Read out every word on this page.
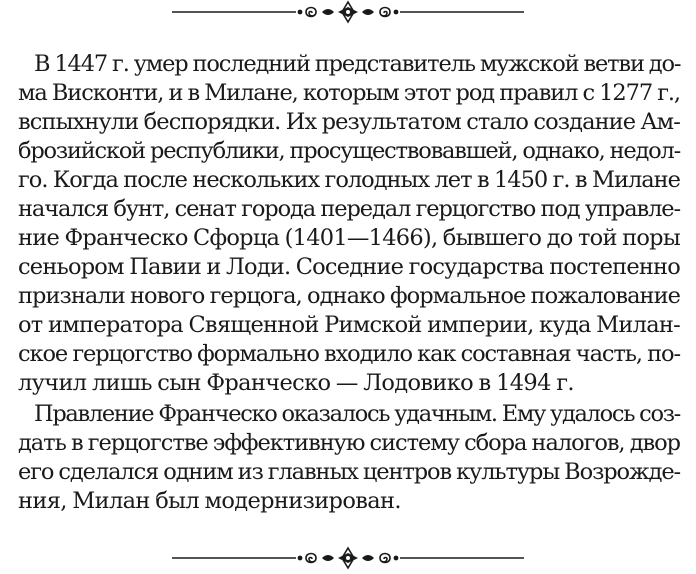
В 1447 г. умер последний представитель мужской ветви до-
ма Висконти, и в Милане, которым этот род правил с 1277 г.,
вспыхнули беспорядки. Их результатом стало создание Ам-
брозийской республики, просуществовавшей, однако, недол-
го. Когда после нескольких голодных лет в 1450 г. в Милане
начался бунт, сенат города передал герцогство под управле-
ние Франческо Сфорца (1401—1466), бывшего до той поры
сеньором Павии и Лоди. Соседние государства постепенно
признали нового герцога, однако формальное пожалование
от императора Священной Римской империи, куда Милан-
ское герцогство формально входило как составная часть, по-
лучил лишь сын Франческо — Лодовико в 1494 г.
Правление Франческо оказалось удачным. Ему удалось соз-
дать в герцогстве эффективную систему сбора налогов, двор
его сделался одним из главных центров культуры Возрожде-
ния, Милан был модернизирован.
